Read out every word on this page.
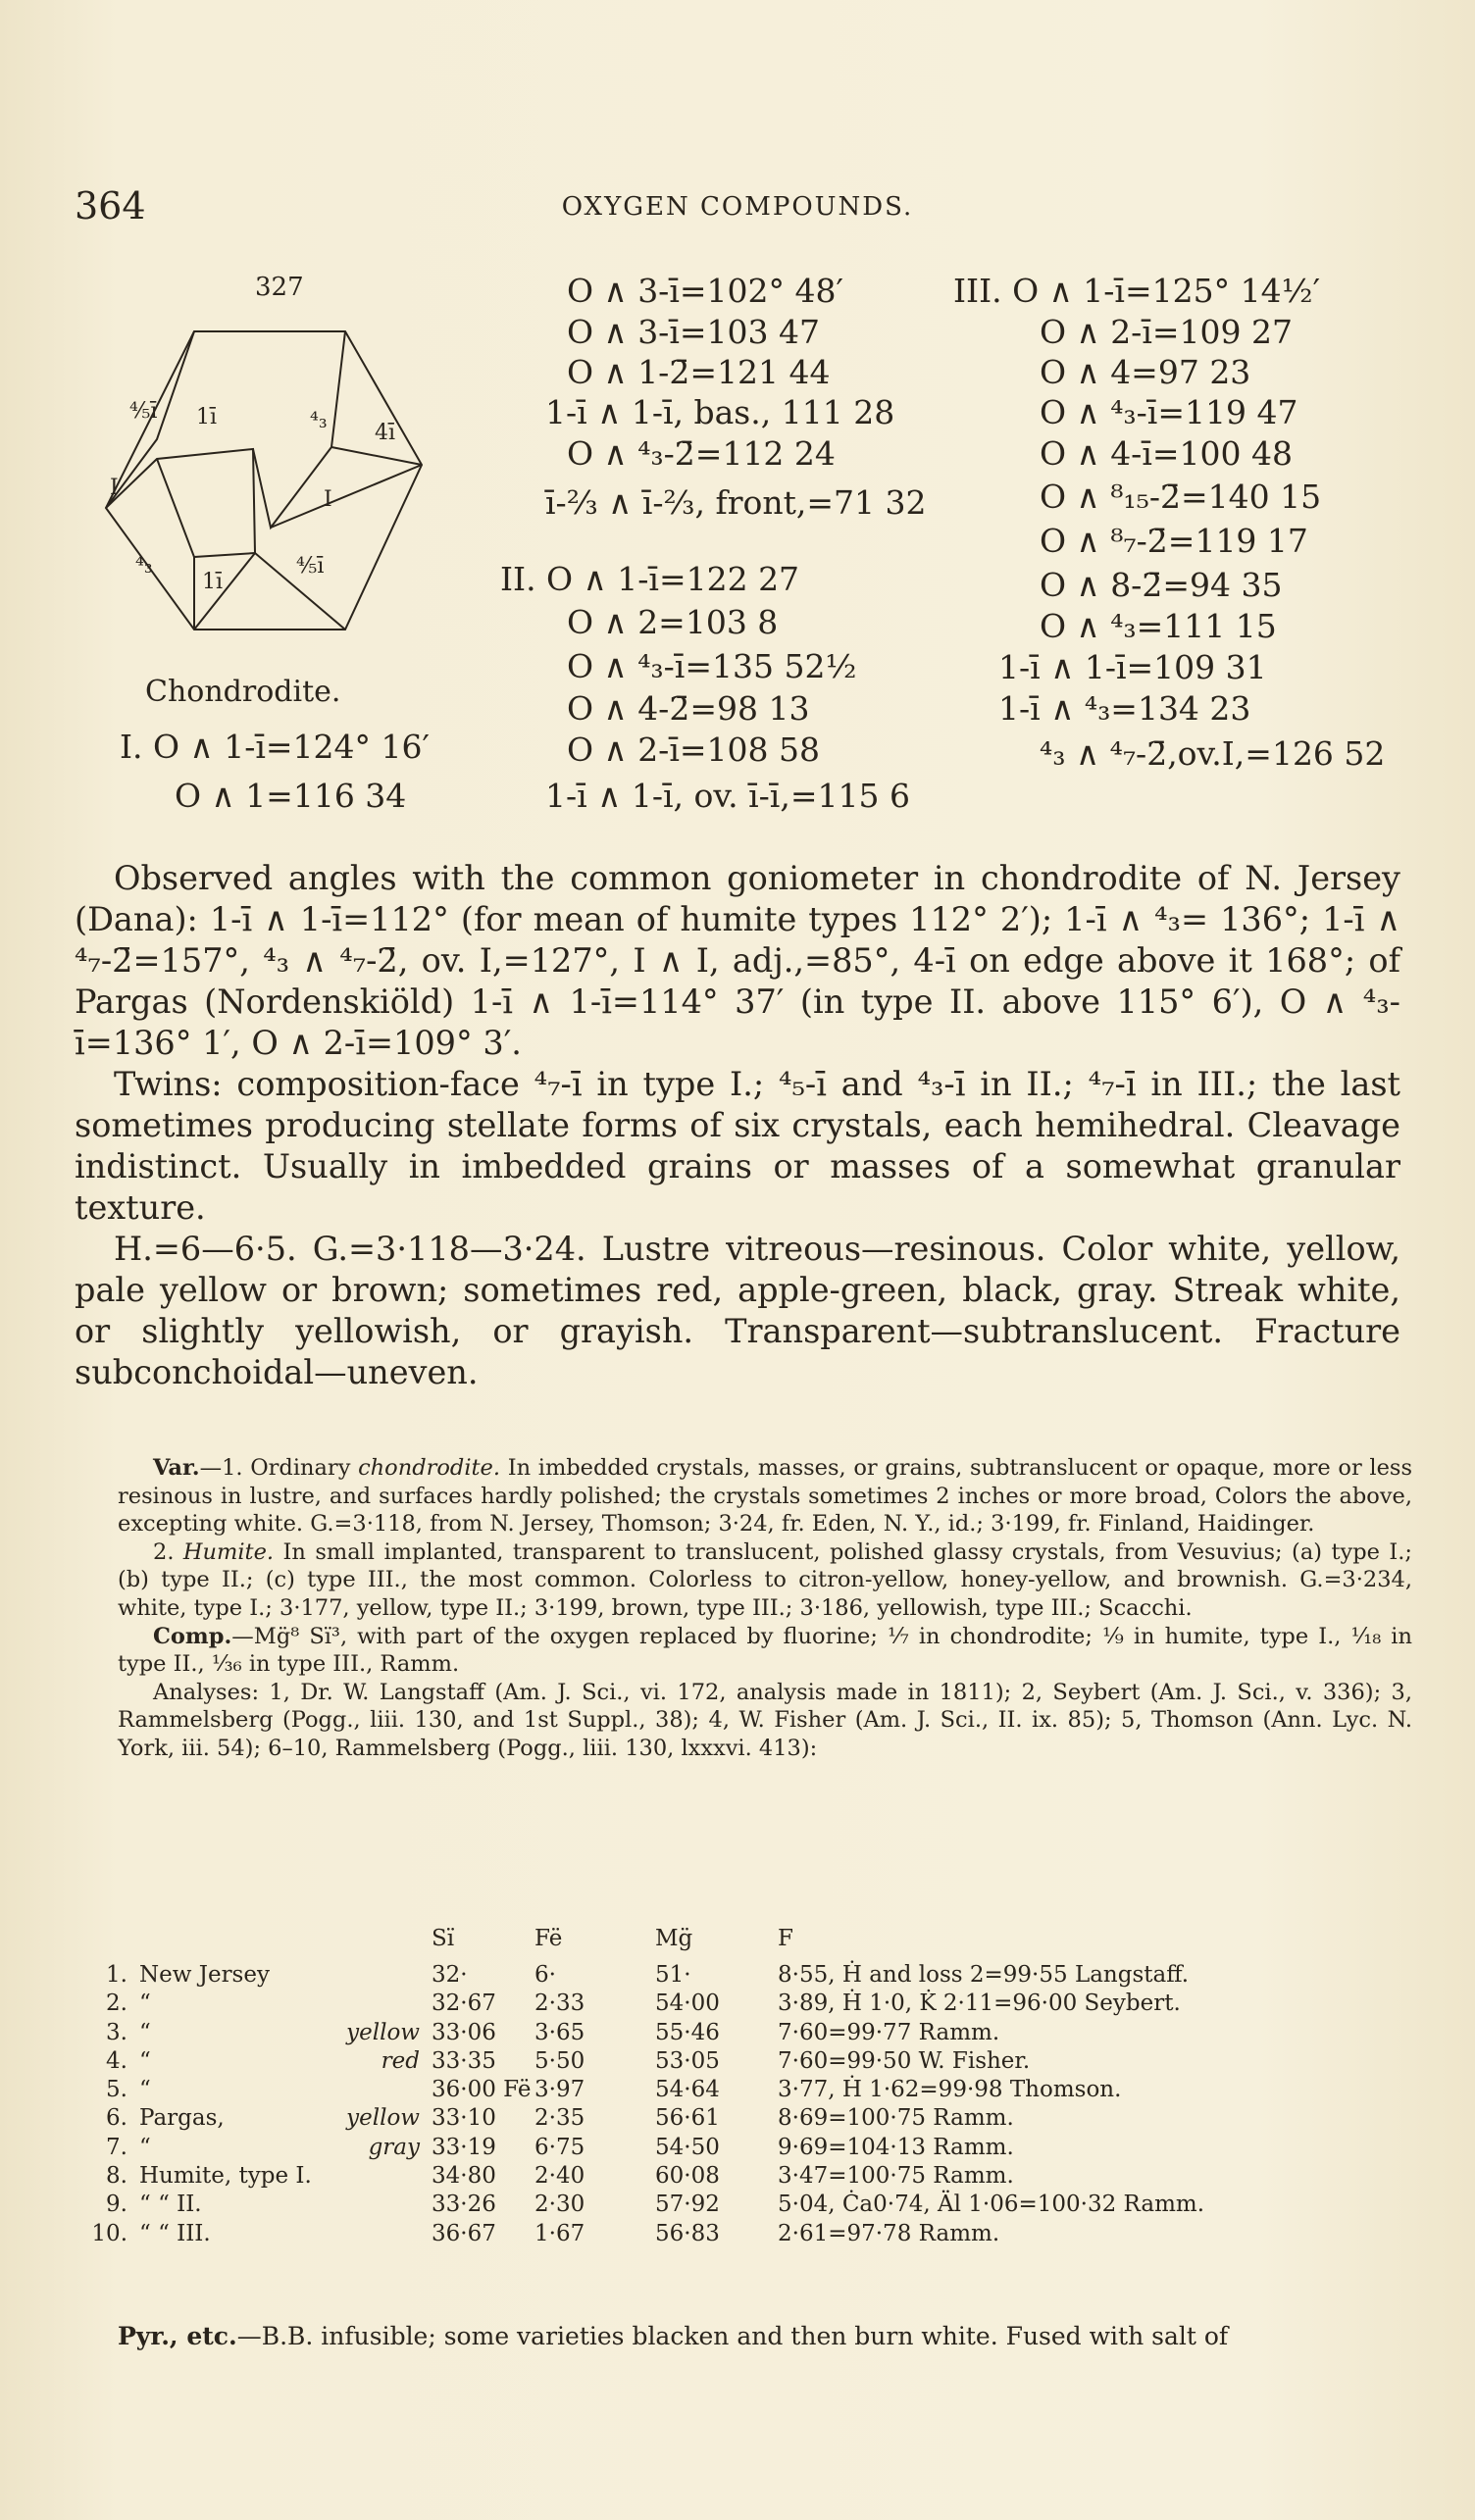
364	OXYGEN COMPOUNDS.
327
⅘ī 1ī	⁴₃ 4ī
I	I
⁴₃
1ī
⅘ī
Chondrodite.
I. O ∧ 1-ī=124° 16′
O ∧ 1=116 34
O ∧ 3-ī=102° 48′
O ∧ 3-ī=103 47
O ∧ 1-2̄=121 44
1-ī ∧ 1-ī, bas., 111 28
O ∧ ⁴₃-2̄=112 24
ī-⅔ ∧ ī-⅔, front,=71 32
II. O ∧ 1-ī=122 27
O ∧ 2=103 8
O ∧ ⁴₃-ī=135 52½
O ∧ 4-2̄=98 13
O ∧ 2-ī=108 58
1-ī ∧ 1-ī, ov. ī-ī,=115 6
III. O ∧ 1-ī=125° 14½′
O ∧ 2-ī=109 27
O ∧ 4=97 23
O ∧ ⁴₃-ī=119 47
O ∧ 4-ī=100 48
O ∧ ⁸₁₅-2̄=140 15
O ∧ ⁸₇-2̄=119 17
O ∧ 8-2̄=94 35
O ∧ ⁴₃=111 15
1-ī ∧ 1-ī=109 31
1-ī ∧ ⁴₃=134 23
⁴₃ ∧ ⁴₇-2̄,ov.I,=126 52

Observed angles with the common goniometer in chondrodite of N. Jersey (Dana): 1-ī ∧ 1-ī=112° (for mean of humite types 112° 2′); 1-ī ∧ ⁴₃= 136°; 1-ī ∧ ⁴₇-2̄=157°, ⁴₃ ∧ ⁴₇-2̄, ov. I,=127°, I ∧ I, adj.,=85°, 4-ī on edge above it 168°; of Pargas (Nordenskiöld) 1-ī ∧ 1-ī=114° 37′ (in type II. above 115° 6′), O ∧ ⁴₃-ī=136° 1′, O ∧ 2-ī=109° 3′.

Twins: composition-face ⁴₇-ī in type I.; ⁴₅-ī and ⁴₃-ī in II.; ⁴₇-ī in III.; the last sometimes producing stellate forms of six crystals, each hemihedral. Cleavage indistinct. Usually in imbedded grains or masses of a somewhat granular texture.

H.=6—6·5. G.=3·118—3·24. Lustre vitreous—resinous. Color white, yellow, pale yellow or brown; sometimes red, apple-green, black, gray. Streak white, or slightly yellowish, or grayish. Transparent—subtranslucent. Fracture subconchoidal—uneven.

Var.—1. Ordinary chondrodite. In imbedded crystals, masses, or grains, subtranslucent or opaque, more or less resinous in lustre, and surfaces hardly polished; the crystals sometimes 2 inches or more broad, Colors the above, excepting white. G.=3·118, from N. Jersey, Thomson; 3·24, fr. Eden, N. Y., id.; 3·199, fr. Finland, Haidinger.

2. Humite. In small implanted, transparent to translucent, polished glassy crystals, from Vesuvius; (a) type I.; (b) type II.; (c) type III., the most common. Colorless to citron-yellow, honey-yellow, and brownish. G.=3·234, white, type I.; 3·177, yellow, type II.; 3·199, brown, type III.; 3·186, yellowish, type III.; Scacchi.

Comp.—Mg̈⁸ Sï³, with part of the oxygen replaced by fluorine; ¹⁄₇ in chondrodite; ¹⁄₉ in humite, type I., ¹⁄₁₈ in type II., ¹⁄₃₆ in type III., Ramm.

Analyses: 1, Dr. W. Langstaff (Am. J. Sci., vi. 172, analysis made in 1811); 2, Seybert (Am. J. Sci., v. 336); 3, Rammelsberg (Pogg., liii. 130, and 1st Suppl., 38); 4, W. Fisher (Am. J. Sci., II. ix. 85); 5, Thomson (Ann. Lyc. N. York, iii. 54); 6–10, Rammelsberg (Pogg., liii. 130, lxxxvi. 413):

		Sï	Fë	Mg̈	F
1.	New Jersey	32·	6·	51·	8·55, Ḣ and loss 2=99·55 Langstaff.
2.	“	32·67	2·33	54·00	3·89, Ḣ 1·0, K̇ 2·11=96·00 Seybert.
3.	“ yellow	33·06	3·65	55·46	7·60=99·77 Ramm.
4.	“ red	33·35	5·50	53·05	7·60=99·50 W. Fisher.
5.	“	36·00 Fë	3·97	54·64	3·77, Ḣ 1·62=99·98 Thomson.
6.	Pargas, yellow	33·10	2·35	56·61	8·69=100·75 Ramm.
7.	“ gray	33·19	6·75	54·50	9·69=104·13 Ramm.
8.	Humite, type I.	34·80	2·40	60·08	3·47=100·75 Ramm.
9.	“ “ II.	33·26	2·30	57·92	5·04, Ċa0·74, Äl 1·06=100·32 Ramm.
10.	“ “ III.	36·67	1·67	56·83	2·61=97·78 Ramm.
Pyr., etc.—B.B. infusible; some varieties blacken and then burn white. Fused with salt of
